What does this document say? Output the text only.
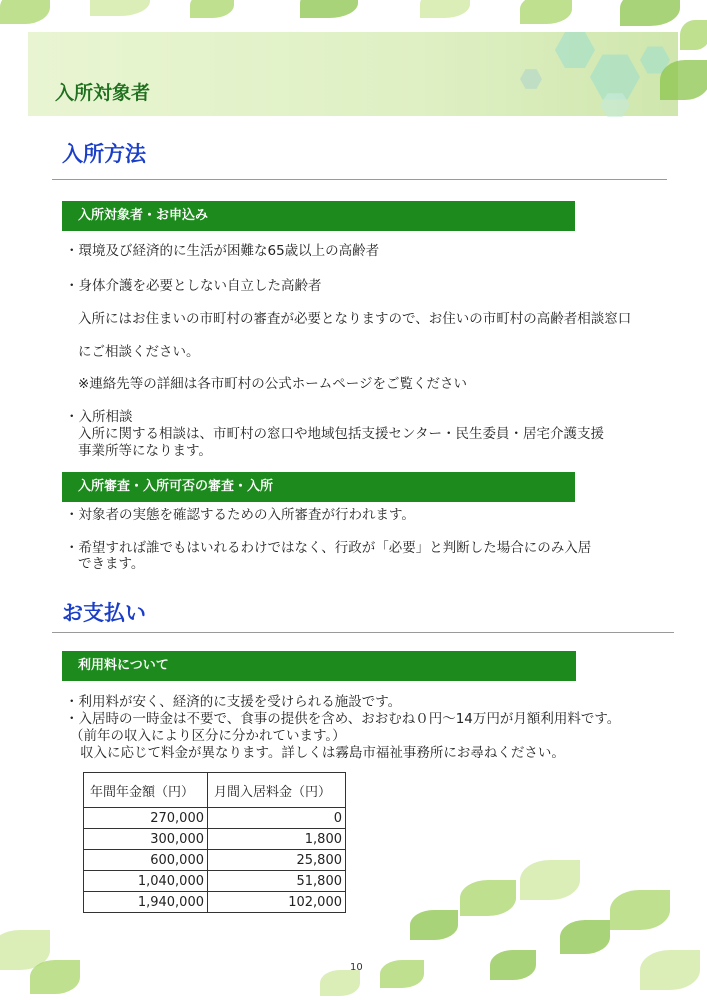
入所対象者
入所方法
入所対象者・お申込み
・環境及び経済的に生活が困難な65歳以上の高齢者
・身体介護を必要としない自立した高齢者
入所にはお住まいの市町村の審査が必要となりますので、お住いの市町村の高齢者相談窓口
にご相談ください。
※連絡先等の詳細は各市町村の公式ホームページをご覧ください
・入所相談
入所に関する相談は、市町村の窓口や地域包括支援センター・民生委員・居宅介護支援
事業所等になります。
入所審査・入所可否の審査・入所
・対象者の実態を確認するための入所審査が行われます。
・希望すれば誰でもはいれるわけではなく、行政が「必要」と判断した場合にのみ入居
できます。
お支払い
利用料について
・利用料が安く、経済的に支援を受けられる施設です。
・入居時の一時金は不要で、食事の提供を含め、おおむね０円～14万円が月額利用料です。
（前年の収入により区分に分かれています。）
収入に応じて料金が異なります。詳しくは霧島市福祉事務所にお尋ねください。
年間年金額（円）	月間入居料金（円）
270,000	0
300,000	1,800
600,000	25,800
1,040,000	51,800
1,940,000	102,000
10
